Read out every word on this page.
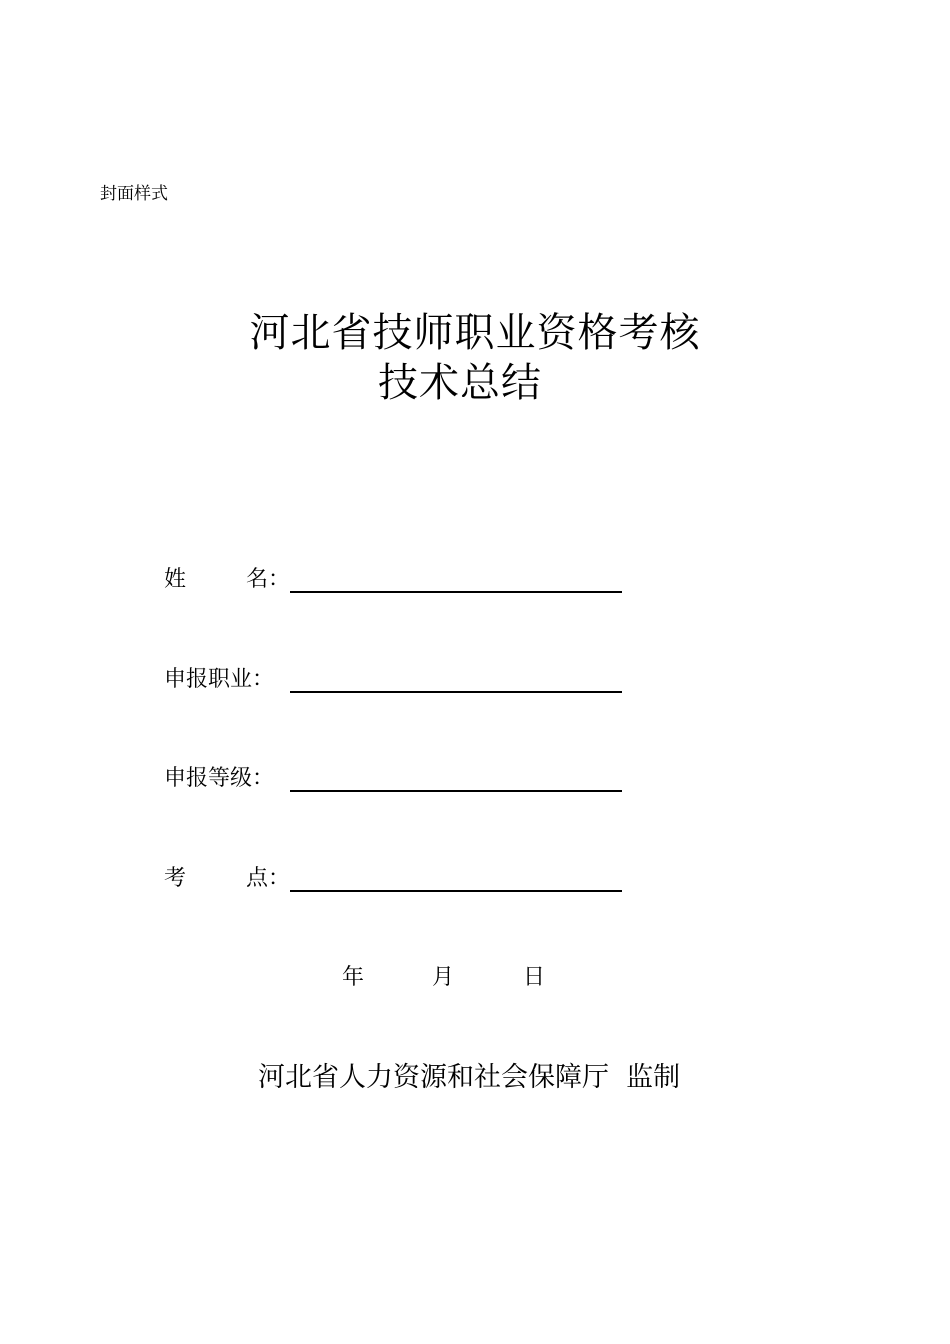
封面样式
河北省技师职业资格考核
技术总结
姓	名：
申报职业：
申报等级：
考	点：
年	月	日
河北省人力资源和社会保障厅  监制
